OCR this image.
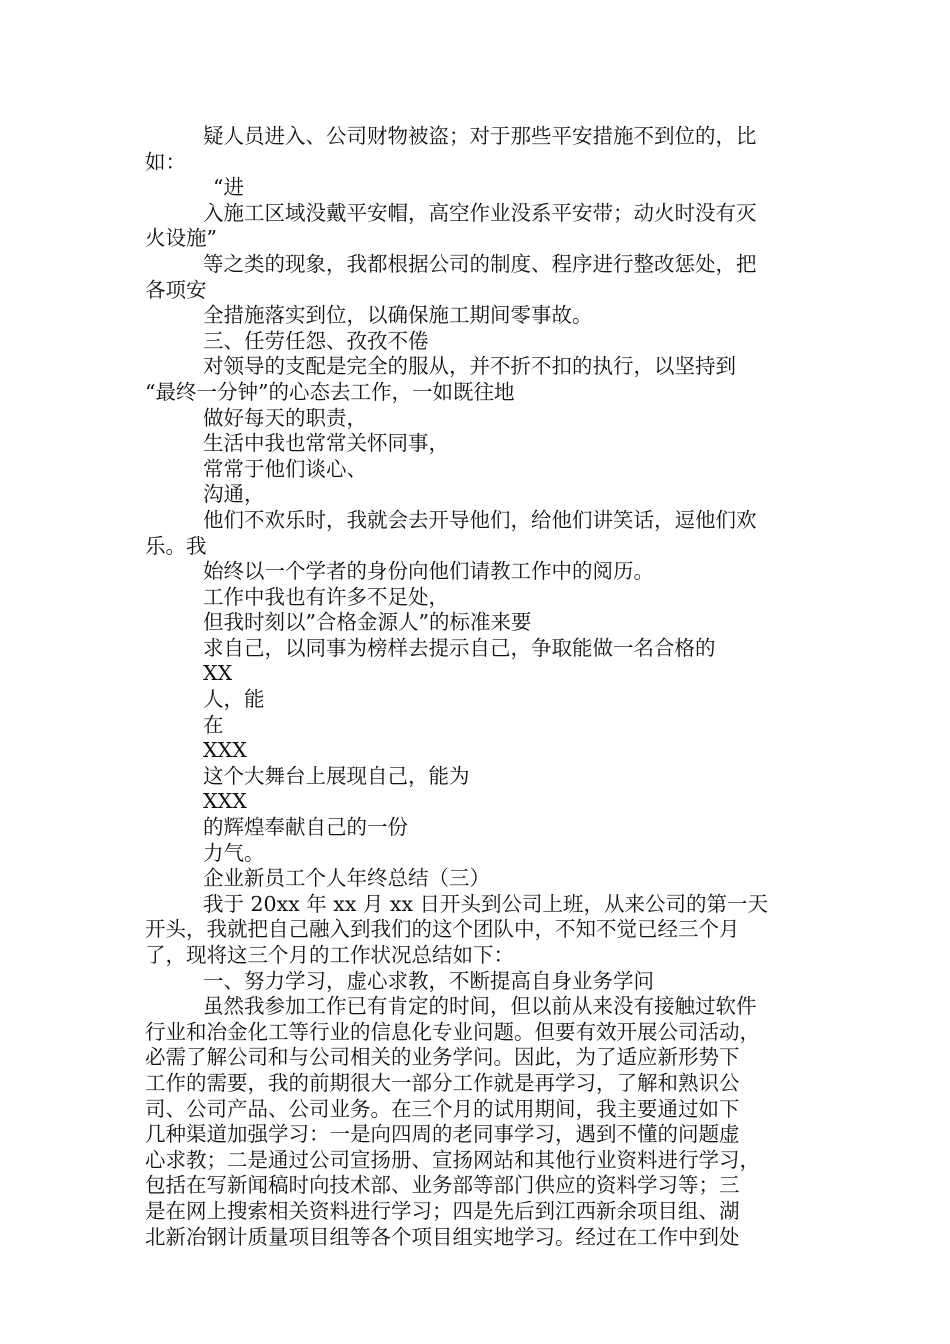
疑人员进入、公司财物被盗；对于那些平安措施不到位的，比
如：
“进
入施工区域没戴平安帽，高空作业没系平安带；动火时没有灭
火设施”
等之类的现象，我都根据公司的制度、程序进行整改惩处，把
各项安
全措施落实到位，以确保施工期间零事故。
三、任劳任怨、孜孜不倦
对领导的支配是完全的服从，并不折不扣的执行，以坚持到
“最终一分钟”的心态去工作，一如既往地
做好每天的职责，
生活中我也常常关怀同事，
常常于他们谈心、
沟通，
他们不欢乐时，我就会去开导他们，给他们讲笑话，逗他们欢
乐。我
始终以一个学者的身份向他们请教工作中的阅历。
工作中我也有许多不足处，
但我时刻以”合格金源人”的标准来要
求自己，以同事为榜样去提示自己，争取能做一名合格的
XX
人，能
在
XXX
这个大舞台上展现自己，能为
XXX
的辉煌奉献自己的一份
力气。
企业新员工个人年终总结（三）
我于 20xx 年 xx 月 xx 日开头到公司上班，从来公司的第一天
开头，我就把自己融入到我们的这个团队中，不知不觉已经三个月
了，现将这三个月的工作状况总结如下：
一、努力学习，虚心求教，不断提高自身业务学问
虽然我参加工作已有肯定的时间，但以前从来没有接触过软件
行业和冶金化工等行业的信息化专业问题。但要有效开展公司活动，
必需了解公司和与公司相关的业务学问。因此，为了适应新形势下
工作的需要，我的前期很大一部分工作就是再学习，了解和熟识公
司、公司产品、公司业务。在三个月的试用期间，我主要通过如下
几种渠道加强学习：一是向四周的老同事学习，遇到不懂的问题虚
心求教；二是通过公司宣扬册、宣扬网站和其他行业资料进行学习，
包括在写新闻稿时向技术部、业务部等部门供应的资料学习等；三
是在网上搜索相关资料进行学习；四是先后到江西新余项目组、湖
北新冶钢计质量项目组等各个项目组实地学习。经过在工作中到处
